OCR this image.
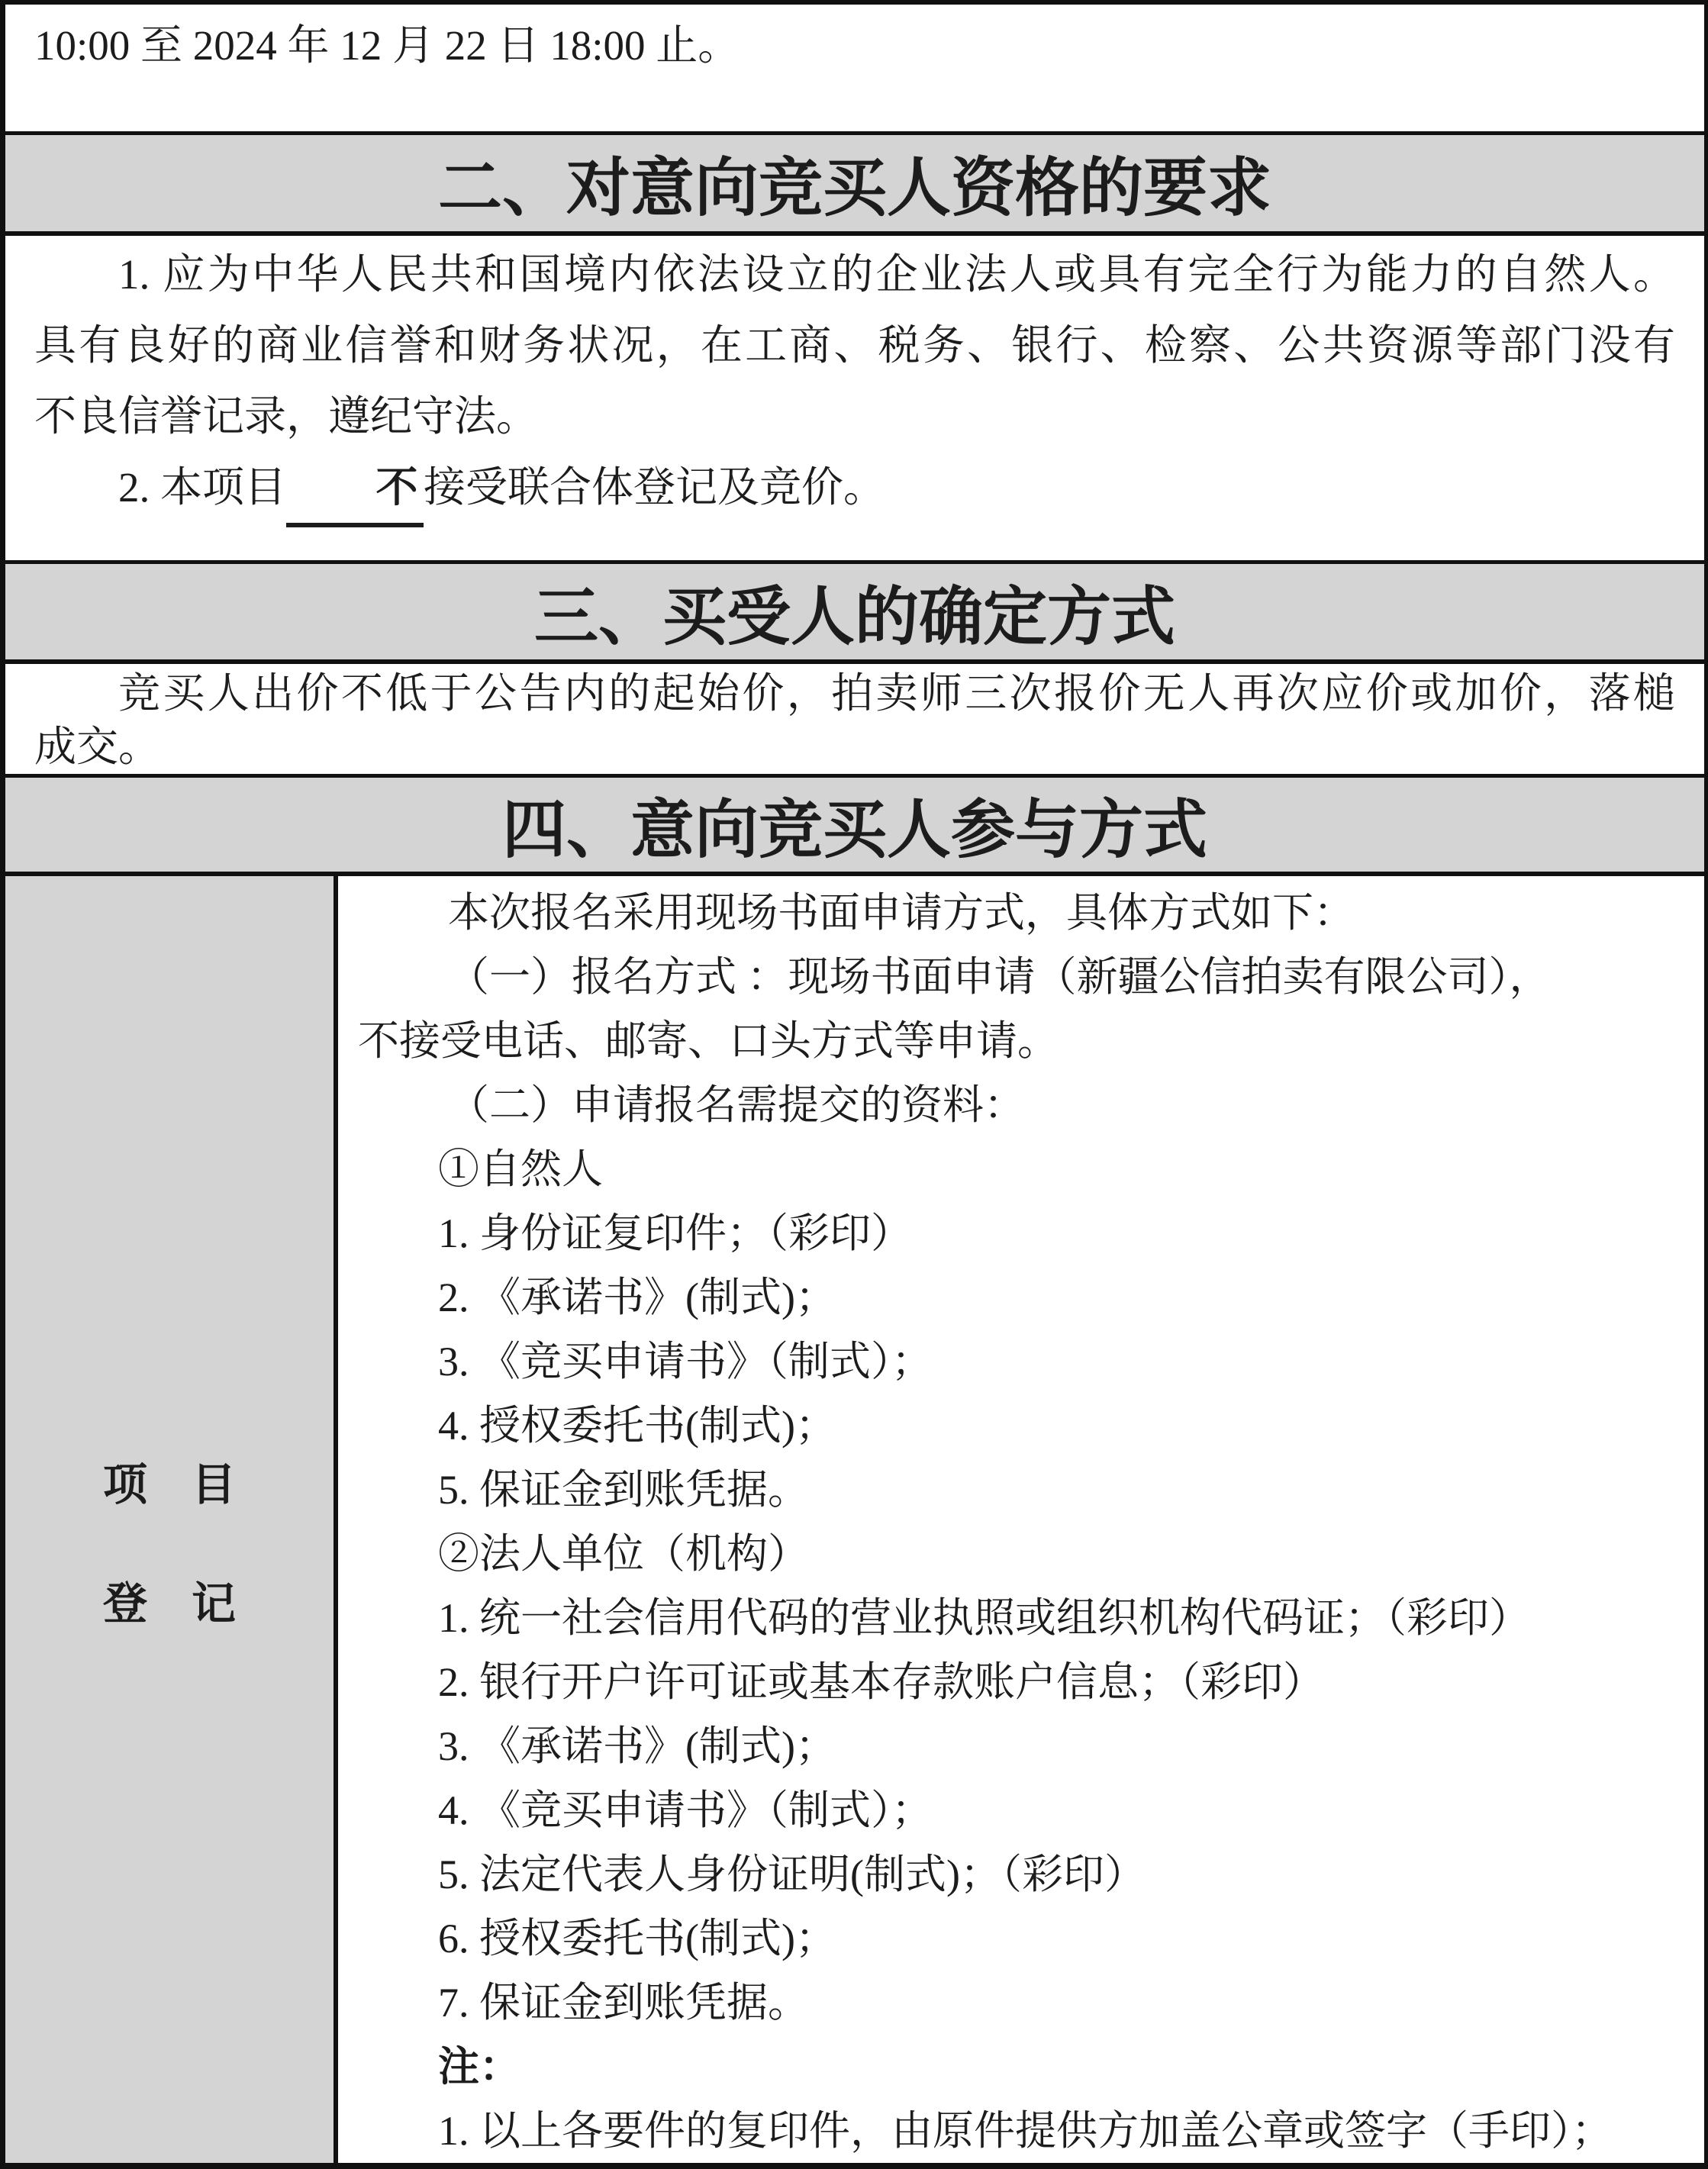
10:00 至 2024 年 12 月 22 日 18:00 止。

二、对意向竞买人资格的要求

1. 应为中华人民共和国境内依法设立的企业法人或具有完全行为能力的自然人。

具有良好的商业信誉和财务状况，在工商、税务、银行、检察、公共资源等部门没有

不良信誉记录，遵纪守法。

2. 本项目 不 接受联合体登记及竞价。

三、买受人的确定方式

竞买人出价不低于公告内的起始价，拍卖师三次报价无人再次应价或加价，落槌

成交。

四、意向竞买人参与方式
项　目
登　记
本次报名采用现场书面申请方式，具体方式如下：
（一）报名方式 ：现场书面申请（新疆公信拍卖有限公司），
不接受电话、邮寄、口头方式等申请。
（二）申请报名需提交的资料：
①自然人
1. 身份证复印件；（彩印）
2. 《承诺书》(制式)；
3. 《竞买申请书》（制式）；
4. 授权委托书(制式)；
5. 保证金到账凭据。
②法人单位（机构）
1. 统一社会信用代码的营业执照或组织机构代码证；（彩印）
2. 银行开户许可证或基本存款账户信息；（彩印）
3. 《承诺书》(制式)；
4. 《竞买申请书》（制式）；
5. 法定代表人身份证明(制式)；（彩印）
6. 授权委托书(制式)；
7. 保证金到账凭据。
注：
1. 以上各要件的复印件，由原件提供方加盖公章或签字（手印）；
